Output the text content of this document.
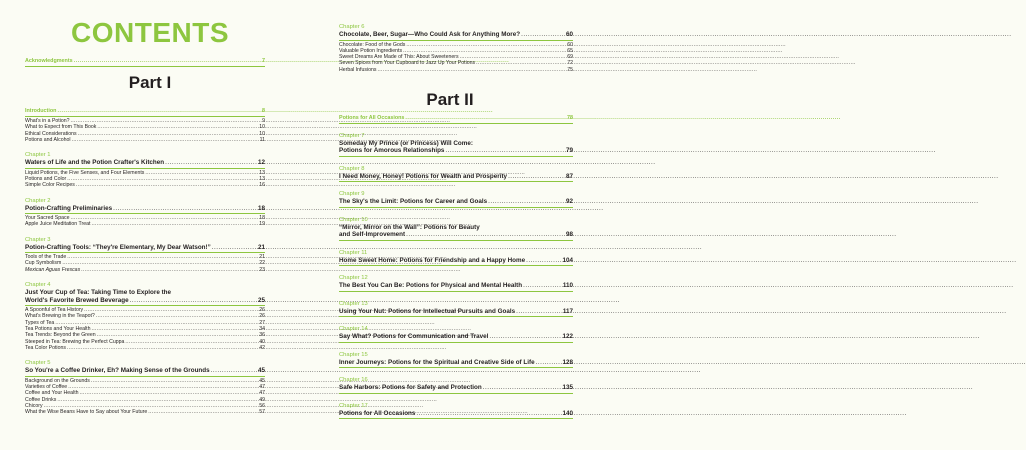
CONTENTS
Part I
Acknowledgments .....	7
Introduction .....	8
What's in a Potion? .....	9
What to Expect from This Book .....	10
Ethical Considerations .....	10
Potions and Alcohol .....	11
Chapter 1
Waters of Life and the Potion Crafter's Kitchen .....	12
Liquid Potions, the Five Senses, and Four Elements .....	13
Potions and Color .....	13
Simple Color Recipes .....	16
Chapter 2
Potion-Crafting Preliminaries .....	18
Your Sacred Space .....	18
Apple Juice Meditation Treat .....	19
Chapter 3
Potion-Crafting Tools: “They're Elementary, My Dear Watson!” .....	21
Tools of the Trade .....	21
Cup Symbolism .....	22
Mexican Aguas Frescas .....	23
Chapter 4
Just Your Cup of Tea: Taking Time to Explore the
World's Favorite Brewed Beverage .....	25
A Spoonful of Tea History .....	26
What's Brewing in the Teapot? .....	26
Types of Tea .....	27
Tea Potions and Your Health .....	34
Tea Trends: Beyond the Green .....	36
Steeped in Tea: Brewing the Perfect Cuppa .....	40
Tea Color Potions .....	42
Chapter 5
So You're a Coffee Drinker, Eh? Making Sense of the Grounds .....	45
Background on the Grounds .....	45
Varieties of Coffee .....	47
Coffee and Your Health .....	47
Coffee Drinks .....	49
Chicory .....	56
What the Wise Beans Have to Say about Your Future .....	57
Part II
Chapter 6
Chocolate, Beer, Sugar—Who Could Ask for Anything More? .....	60
Chocolate: Food of the Gods .....	60
Valuable Potion Ingredients .....	65
Sweet Dreams Are Made of This: About Sweeteners .....	69
Seven Spices from Your Cupboard to Jazz Up Your Potions .....	72
Herbal Infusions .....	75
Potions for All Occasions .....	78
Chapter 7
Someday My Prince (or Princess) Will Come:
Potions for Amorous Relationships .....	79
Chapter 8
I Need Money, Honey! Potions for Wealth and Prosperity .....	87
Chapter 9
The Sky's the Limit: Potions for Career and Goals .....	92
Chapter 10
“Mirror, Mirror on the Wall”: Potions for Beauty
and Self-Improvement .....	98
Chapter 11
Home Sweet Home: Potions for Friendship and a Happy Home .....	104
Chapter 12
The Best You Can Be: Potions for Physical and Mental Health .....	110
Chapter 13
Using Your Nut: Potions for Intellectual Pursuits and Goals .....	117
Chapter 14
Say What? Potions for Communication and Travel .....	122
Chapter 15
Inner Journeys: Potions for the Spiritual and Creative Side of Life .....	128
Chapter 16
Safe Harbors: Potions for Safety and Protection .....	135
Chapter 17
Potions for All Occasions .....	140
